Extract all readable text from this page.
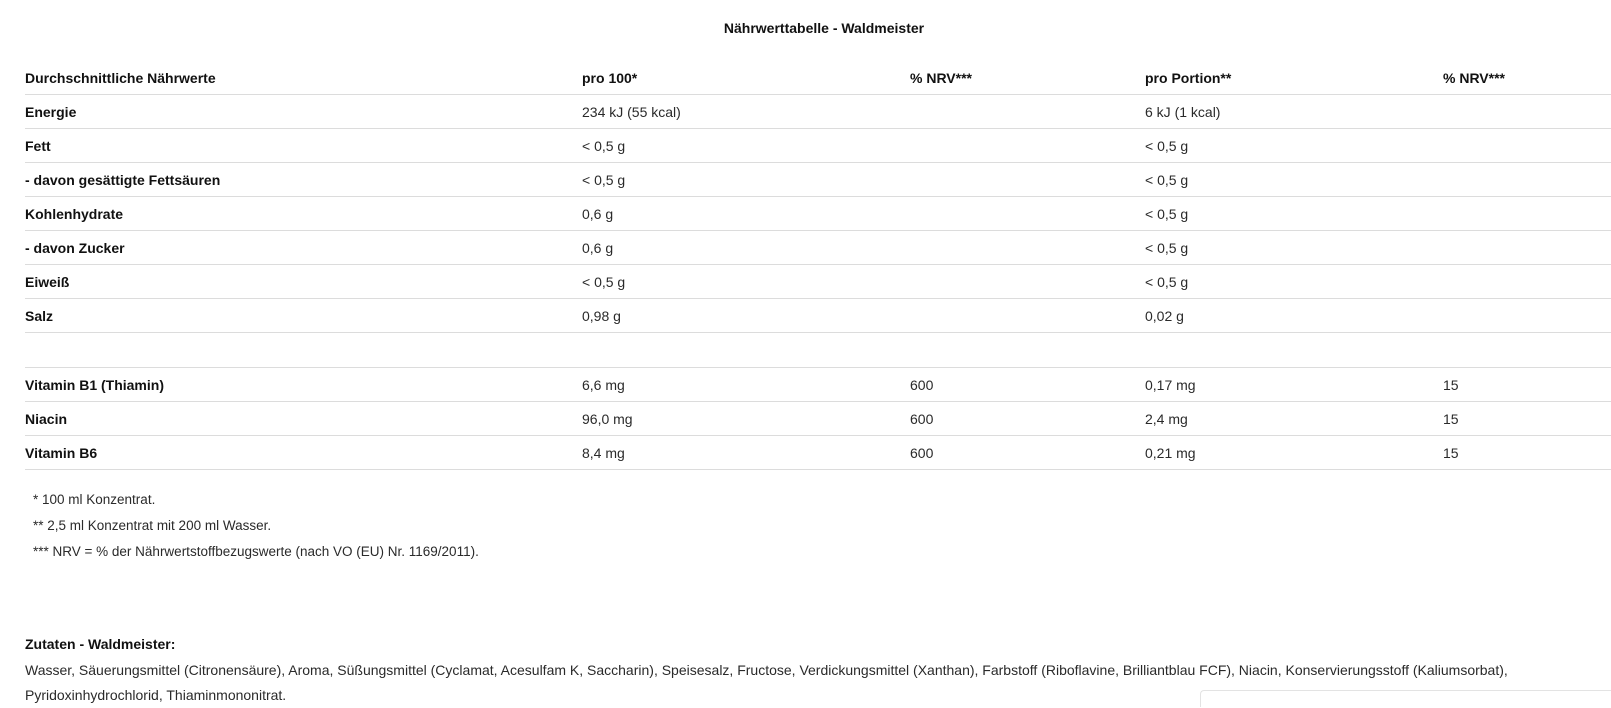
Nährwerttabelle - Waldmeister
Durchschnittliche Nährwerte	pro 100*	% NRV***	pro Portion**	% NRV***
Energie	234 kJ (55 kcal)		6 kJ (1 kcal)	
Fett	< 0,5 g		< 0,5 g	
- davon gesättigte Fettsäuren	< 0,5 g		< 0,5 g	
Kohlenhydrate	0,6 g		< 0,5 g	
- davon Zucker	0,6 g		< 0,5 g	
Eiweiß	< 0,5 g		< 0,5 g	
Salz	0,98 g		0,02 g	

Vitamin B1 (Thiamin)	6,6 mg	600	0,17 mg	15
Niacin	96,0 mg	600	2,4 mg	15
Vitamin B6	8,4 mg	600	0,21 mg	15
* 100 ml Konzentrat.
** 2,5 ml Konzentrat mit 200 ml Wasser.
*** NRV = % der Nährwertstoffbezugswerte (nach VO (EU) Nr. 1169/2011).
Zutaten - Waldmeister:
Wasser, Säuerungsmittel (Citronensäure), Aroma, Süßungsmittel (Cyclamat, Acesulfam K, Saccharin), Speisesalz, Fructose, Verdickungsmittel (Xanthan), Farbstoff (Riboflavine, Brilliantblau FCF), Niacin, Konservierungsstoff (Kaliumsorbat), Pyridoxinhydrochlorid, Thiaminmononitrat.
